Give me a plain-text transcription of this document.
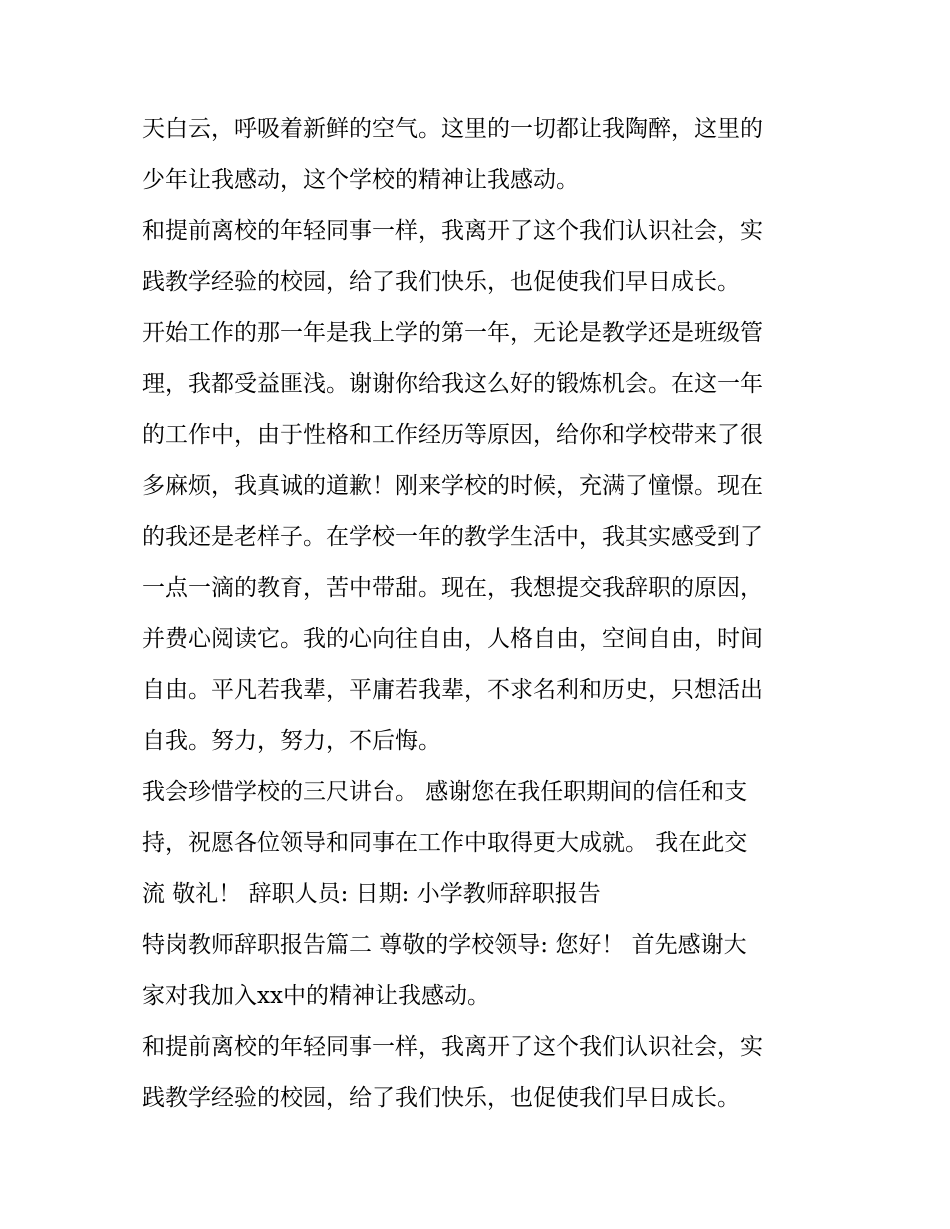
天白云，呼吸着新鲜的空气。这里的一切都让我陶醉，这里的
少年让我感动，这个学校的精神让我感动。
和提前离校的年轻同事一样，我离开了这个我们认识社会，实
践教学经验的校园，给了我们快乐，也促使我们早日成长。
开始工作的那一年是我上学的第一年，无论是教学还是班级管
理，我都受益匪浅。谢谢你给我这么好的锻炼机会。在这一年
的工作中，由于性格和工作经历等原因，给你和学校带来了很
多麻烦，我真诚的道歉！刚来学校的时候，充满了憧憬。现在
的我还是老样子。在学校一年的教学生活中，我其实感受到了
一点一滴的教育，苦中带甜。现在，我想提交我辞职的原因，
并费心阅读它。我的心向往自由，人格自由，空间自由，时间
自由。平凡若我辈，平庸若我辈，不求名利和历史，只想活出
自我。努力，努力，不后悔。
我会珍惜学校的三尺讲台。 感谢您在我任职期间的信任和支
持，祝愿各位领导和同事在工作中取得更大成就。 我在此交
流 敬礼！ 辞职人员: 日期: 小学教师辞职报告
特岗教师辞职报告篇二 尊敬的学校领导: 您好！ 首先感谢大
家对我加入xx中的精神让我感动。
和提前离校的年轻同事一样，我离开了这个我们认识社会，实
践教学经验的校园，给了我们快乐，也促使我们早日成长。
